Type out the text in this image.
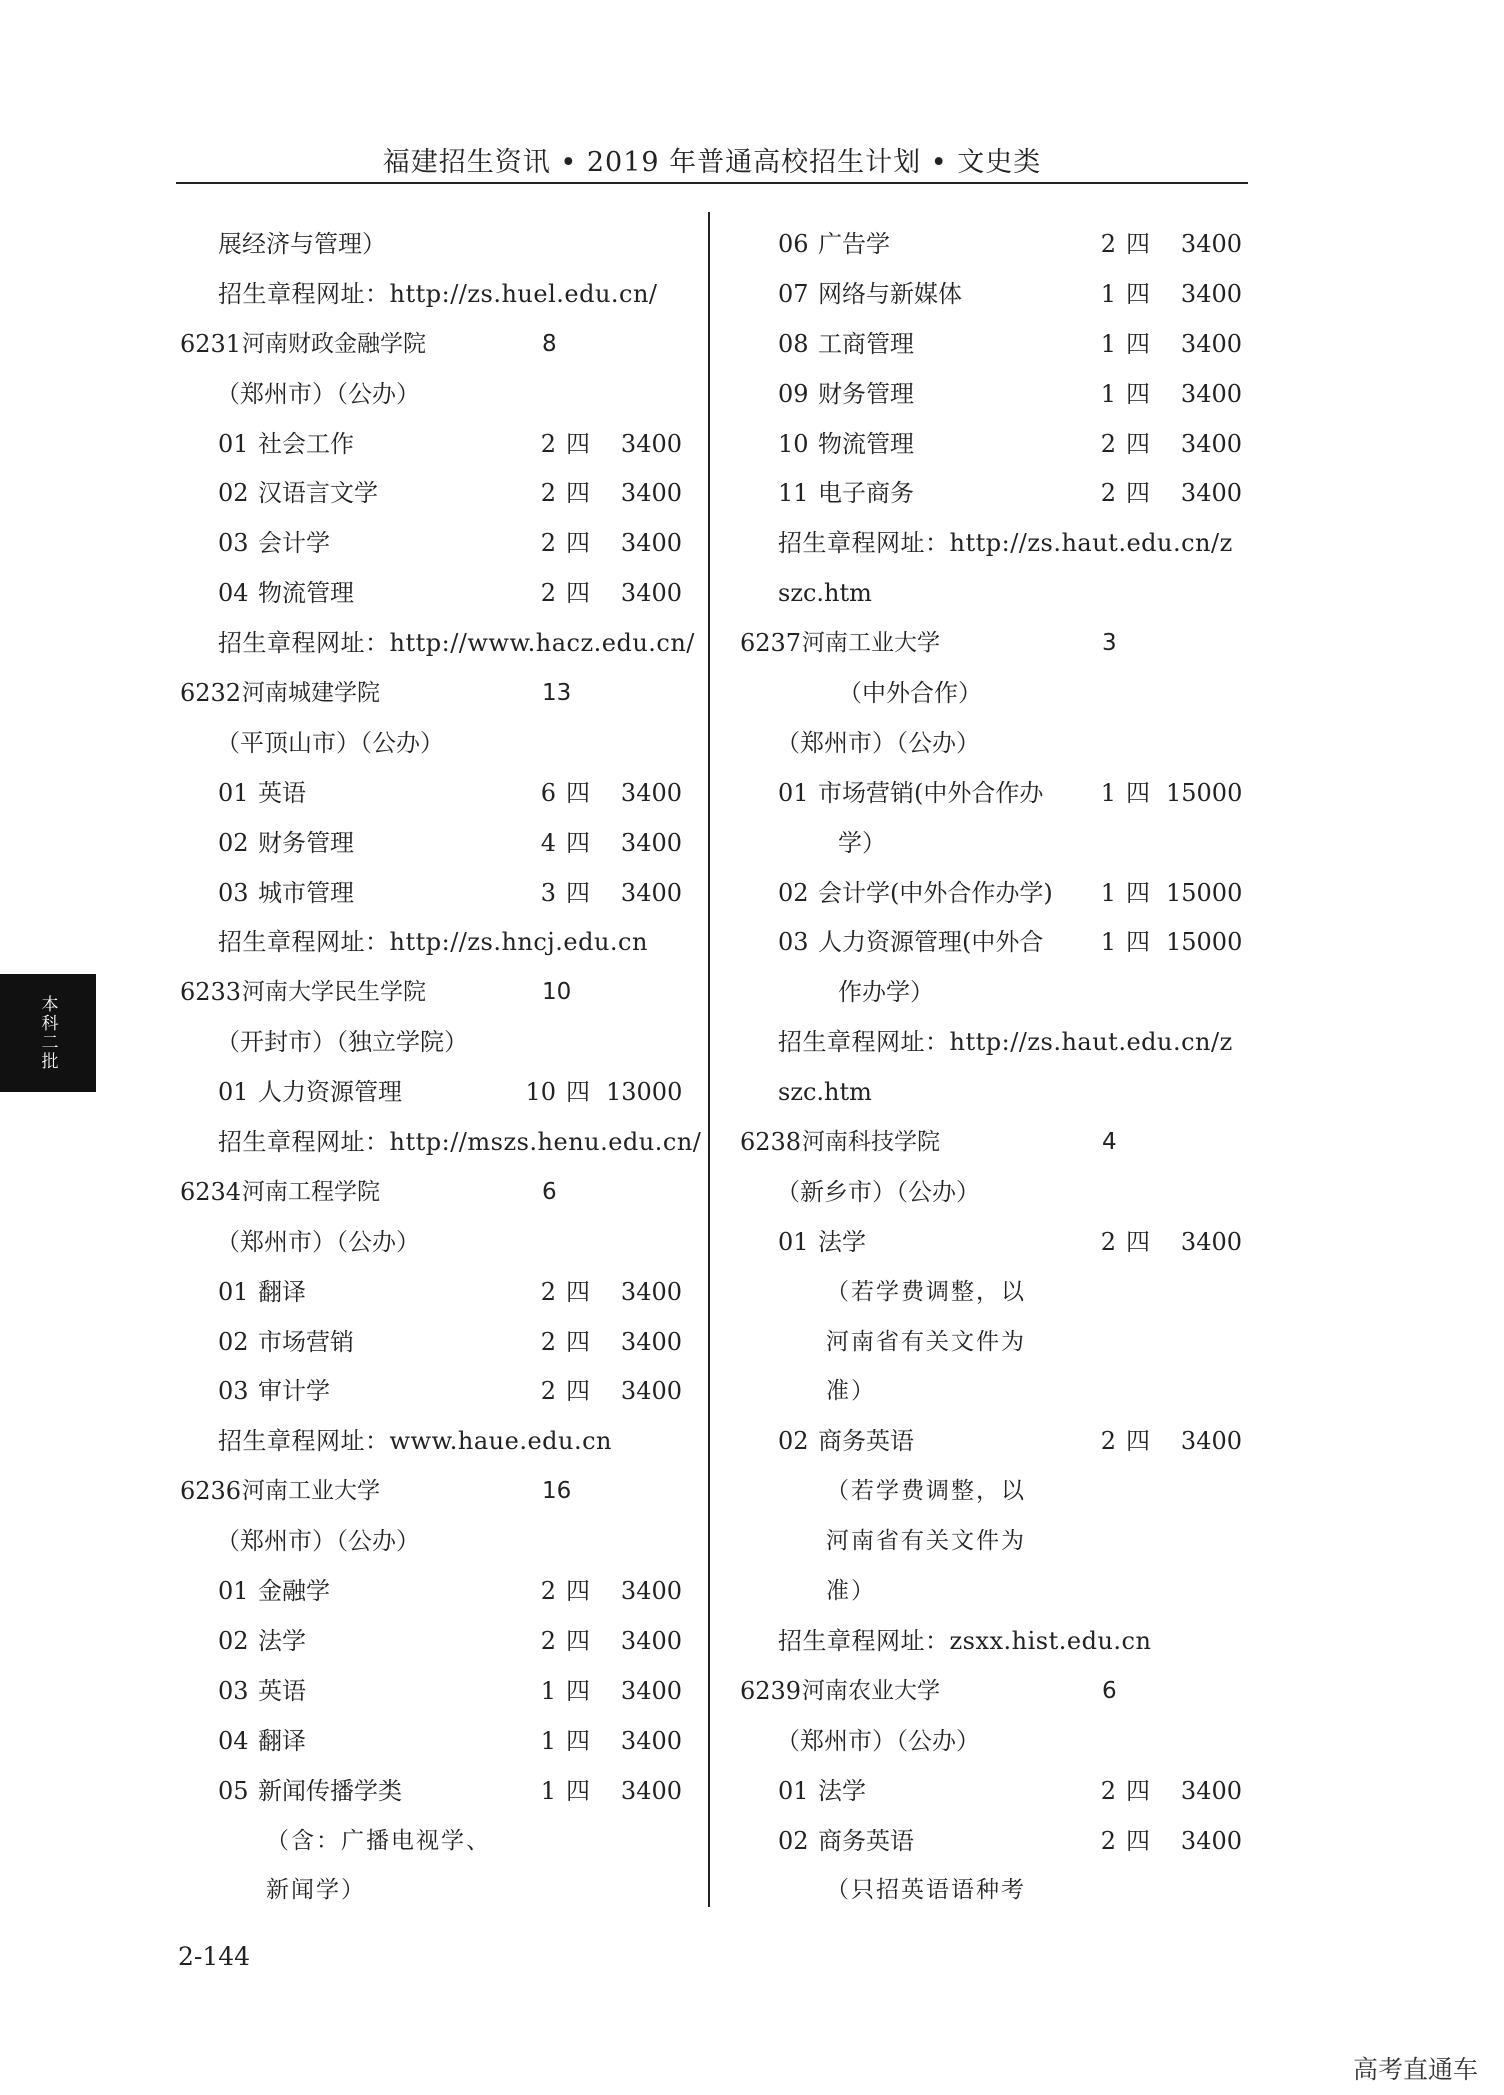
福建招生资讯 • 2019 年普通高校招生计划 • 文史类
展经济与管理）
招生章程网址：http://zs.huel.edu.cn/
6231 河南财政金融学院	8
（郑州市）（公办）
01 社会工作	2 四	3400
02 汉语言文学	2 四	3400
03 会计学	2 四	3400
04 物流管理	2 四	3400
招生章程网址：http://www.hacz.edu.cn/
6232 河南城建学院	13
（平顶山市）（公办）
01 英语	6 四	3400
02 财务管理	4 四	3400
03 城市管理	3 四	3400
招生章程网址：http://zs.hncj.edu.cn
6233 河南大学民生学院	10
（开封市）（独立学院）
01 人力资源管理	10 四 13000
招生章程网址：http://mszs.henu.edu.cn/
6234 河南工程学院	6
（郑州市）（公办）
01 翻译	2 四	3400
02 市场营销	2 四	3400
03 审计学	2 四	3400
招生章程网址：www.haue.edu.cn
6236 河南工业大学	16
（郑州市）（公办）
01 金融学	2 四	3400
02 法学	2 四	3400
03 英语	1 四	3400
04 翻译	1 四	3400
05 新闻传播学类	1 四	3400
（含：广播电视学、
新闻学）
06 广告学	2 四	3400
07 网络与新媒体	1 四	3400
08 工商管理	1 四	3400
09 财务管理	1 四	3400
10 物流管理	2 四	3400
11 电子商务	2 四	3400
招生章程网址：http://zs.haut.edu.cn/z
szc.htm
6237 河南工业大学	3
（中外合作）
（郑州市）（公办）
01 市场营销(中外合作办	1 四 15000
学）
02 会计学(中外合作办学)	1 四 15000
03 人力资源管理(中外合	1 四 15000
作办学）
招生章程网址：http://zs.haut.edu.cn/z
szc.htm
6238 河南科技学院	4
（新乡市）（公办）
01 法学	2 四	3400
（若学费调整，以
河南省有关文件为
准）
02 商务英语	2 四	3400
（若学费调整，以
河南省有关文件为
准）
招生章程网址：zsxx.hist.edu.cn
6239 河南农业大学	6
（郑州市）（公办）
01 法学	2 四	3400
02 商务英语	2 四	3400
（只招英语语种考
本科二批
2-144
高考直通车
